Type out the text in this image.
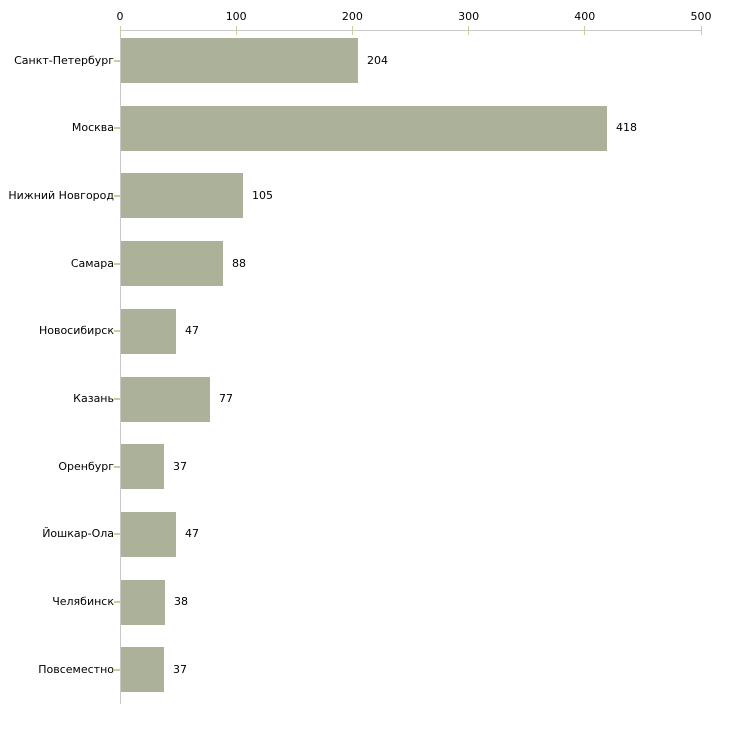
0	100	200	300	400	500
Санкт-Петербург	204
Москва	418
Нижний Новгород	105
Самара	88
Новосибирск	47
Казань	77
Оренбург	37
Йошкар-Ола	47
Челябинск	38
Повсеместно	37
